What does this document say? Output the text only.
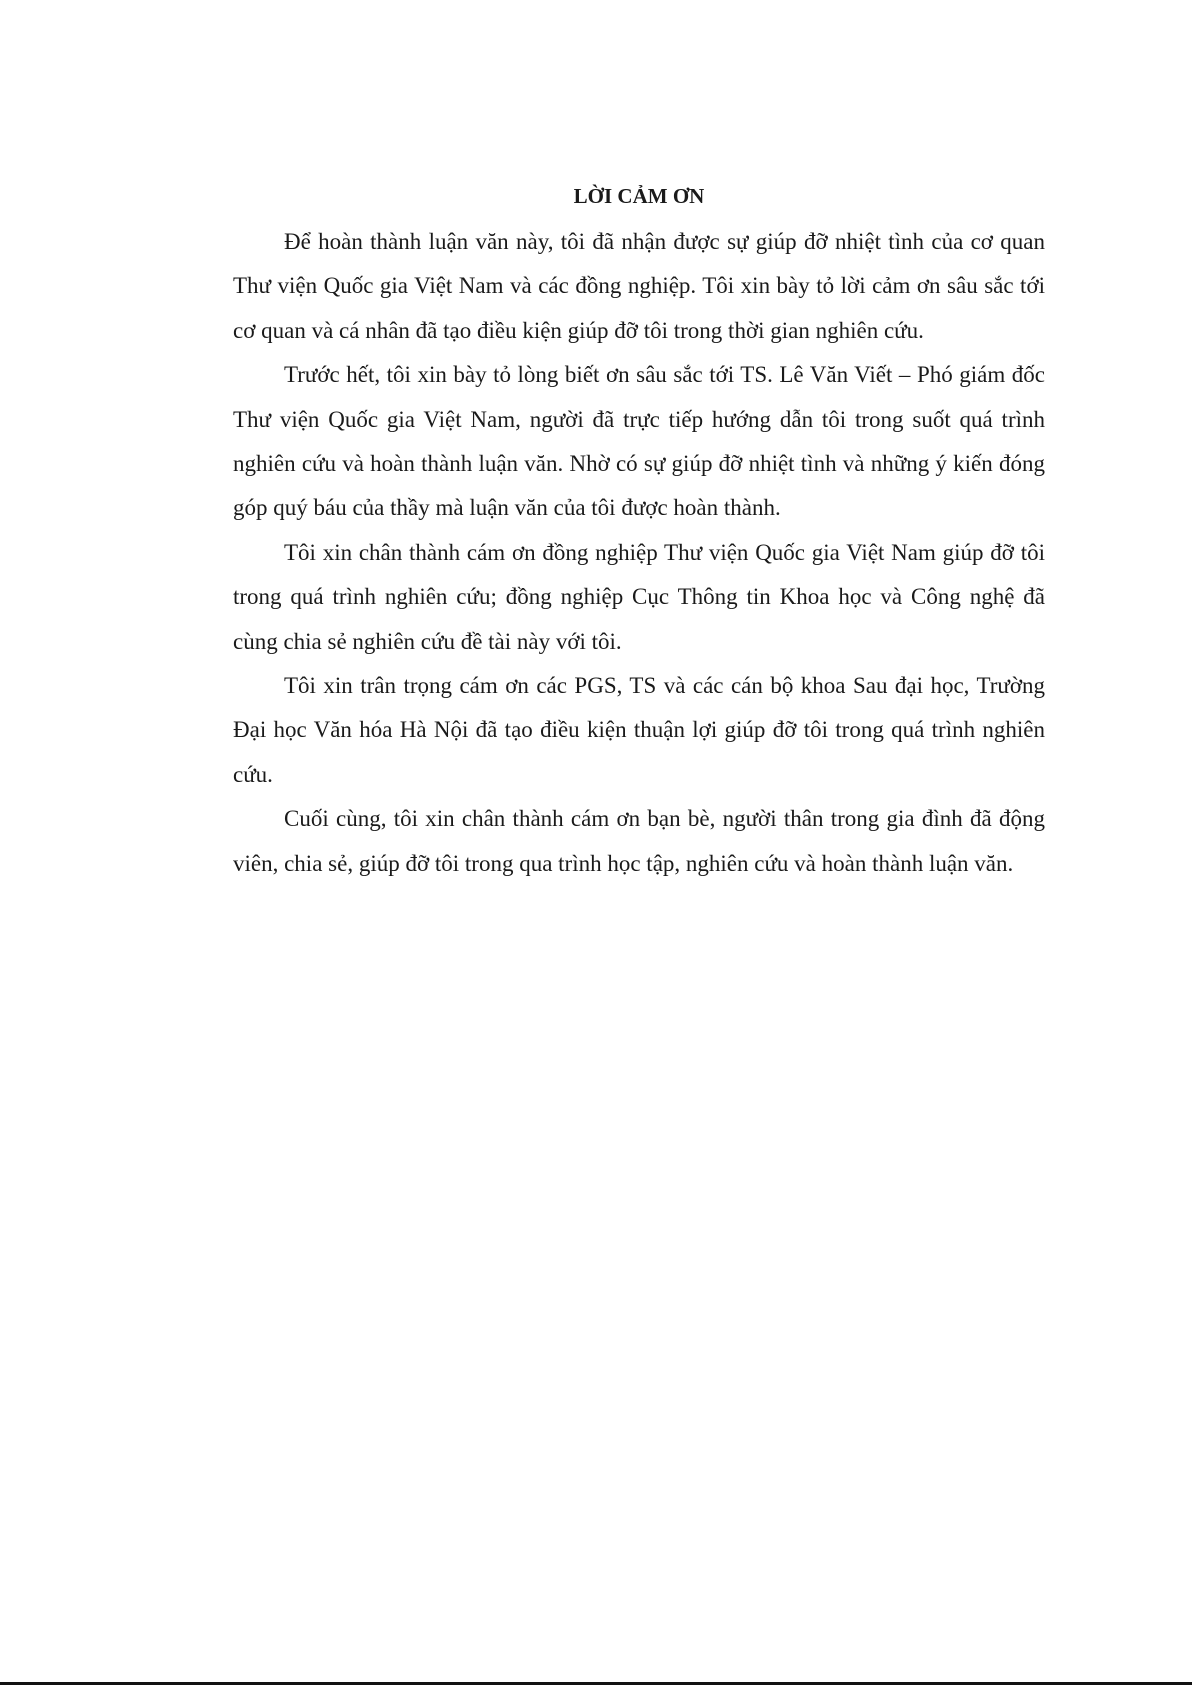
LỜI CẢM ƠN

Để hoàn thành luận văn này, tôi đã nhận được sự giúp đỡ nhiệt tình của cơ quan Thư viện Quốc gia Việt Nam và các đồng nghiệp. Tôi xin bày tỏ lời cảm ơn sâu sắc tới cơ quan và cá nhân đã tạo điều kiện giúp đỡ tôi trong thời gian nghiên cứu.

Trước hết, tôi xin bày tỏ lòng biết ơn sâu sắc tới TS. Lê Văn Viết – Phó giám đốc Thư viện Quốc gia Việt Nam, người đã trực tiếp hướng dẫn tôi trong suốt quá trình nghiên cứu và hoàn thành luận văn. Nhờ có sự giúp đỡ nhiệt tình và những ý kiến đóng góp quý báu của thầy mà luận văn của tôi được hoàn thành.

Tôi xin chân thành cám ơn đồng nghiệp Thư viện Quốc gia Việt Nam giúp đỡ tôi trong quá trình nghiên cứu; đồng nghiệp Cục Thông tin Khoa học và Công nghệ đã cùng chia sẻ nghiên cứu đề tài này với tôi.

Tôi xin trân trọng cám ơn các PGS, TS và các cán bộ khoa Sau đại học, Trường Đại học Văn hóa Hà Nội đã tạo điều kiện thuận lợi giúp đỡ tôi trong quá trình nghiên cứu.

Cuối cùng, tôi xin chân thành cám ơn bạn bè, người thân trong gia đình đã động viên, chia sẻ, giúp đỡ tôi trong qua trình học tập, nghiên cứu và hoàn thành luận văn.
